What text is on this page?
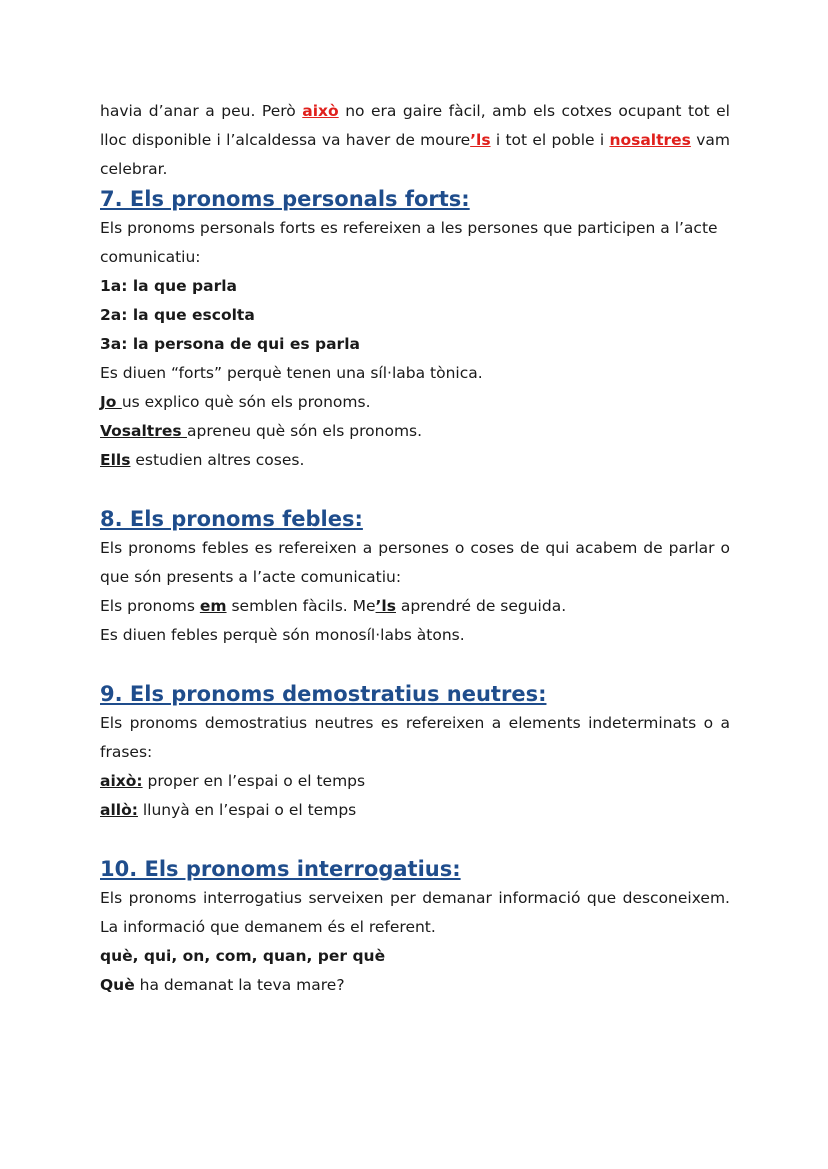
havia d’anar a peu. Però això no era gaire fàcil, amb els cotxes ocupant tot el lloc disponible i l’alcaldessa va haver de moure’ls i tot el poble i nosaltres vam celebrar.

7. Els pronoms personals forts:

Els pronoms personals forts es refereixen a les persones que participen a l’acte comunicatiu:

1a: la que parla

2a: la que escolta

3a: la persona de qui es parla

Es diuen “forts” perquè tenen una síl·laba tònica.

Jo us explico què són els pronoms.

Vosaltres apreneu què són els pronoms.

Ells estudien altres coses.

8. Els pronoms febles:

Els pronoms febles es refereixen a persones o coses de qui acabem de parlar o que són presents a l’acte comunicatiu:

Els pronoms em semblen fàcils. Me’ls aprendré de seguida.

Es diuen febles perquè són monosíl·labs àtons.

9. Els pronoms demostratius neutres:

Els pronoms demostratius neutres es refereixen a elements indeterminats o a frases:

això: proper en l’espai o el temps

allò: llunyà en l’espai o el temps

10. Els pronoms interrogatius:

Els pronoms interrogatius serveixen per demanar informació que desconeixem. La informació que demanem és el referent.

què, qui, on, com, quan, per què

Què ha demanat la teva mare?
